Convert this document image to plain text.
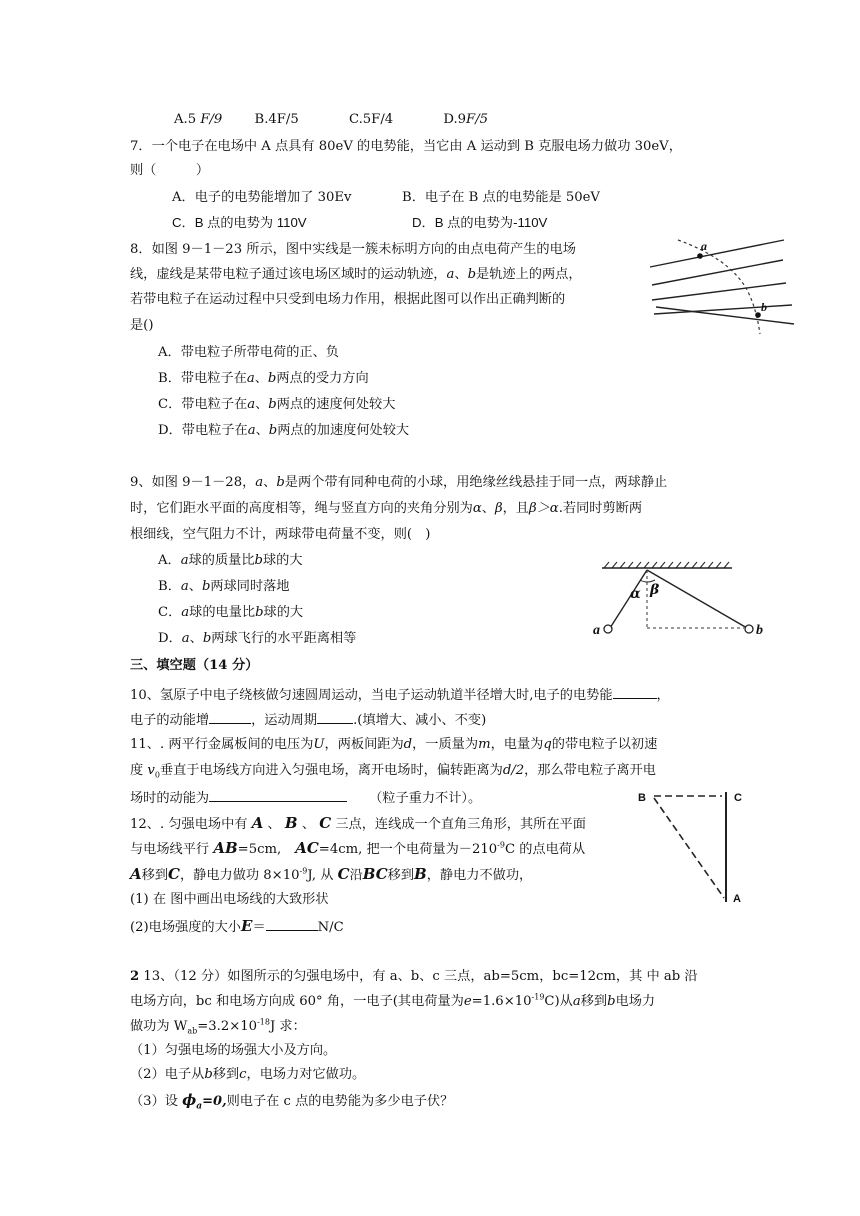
A.5 F/9 B.4F/5	C.5F/4	D.9F/5
7．一个电子在电场中 A 点具有 80eV 的电势能，当它由 A 运动到 B 克服电场力做功 30eV，
则（　　　）
A．电子的电势能增加了 30Ev	B．电子在 B 点的电势能是 50eV
C．B 点的电势为 110V	D．B 点的电势为-110V
8．如图 9－1－23 所示，图中实线是一簇未标明方向的由点电荷产生的电场
线，虚线是某带电粒子通过该电场区域时的运动轨迹，a、b是轨迹上的两点，
若带电粒子在运动过程中只受到电场力作用，根据此图可以作出正确判断的
是()
A．带电粒子所带电荷的正、负
B．带电粒子在a、b两点的受力方向
C．带电粒子在a、b两点的速度何处较大
D．带电粒子在a、b两点的加速度何处较大
a
b
9、如图 9－1－28，a、b是两个带有同种电荷的小球，用绝缘丝线悬挂于同一点，两球静止
时，它们距水平面的高度相等，绳与竖直方向的夹角分别为α、β，且β＞α.若同时剪断两
根细线，空气阻力不计，两球带电荷量不变，则(　)
A．a球的质量比b球的大
B．a、b两球同时落地
C．a球的电量比b球的大
D．a、b两球飞行的水平距离相等
α β
a	b
三、填空题（14 分）
10、氢原子中电子绕核做匀速圆周运动，当电子运动轨道半径增大时,电子的电势能	，
电子的动能增	，运动周期	.(填增大、减小、不变)
11、. 两平行金属板间的电压为U，两板间距为d，一质量为m，电量为q的带电粒子以初速
度 $v_0$垂直于电场线方向进入匀强电场，离开电场时，偏转距离为d/2，那么带电粒子离开电
场时的动能为	（粒子重力不计）。
12、. 匀强电场中有 A 、 B 、 C 三点，连线成一个直角三角形，其所在平面
与电场线平行 AB=5cm, AC=4cm, 把一个电荷量为$-210^{-9}C$ 的点电荷从
A移到C，静电力做功 $8\times 10^{-9}J$, 从 C沿BC移到B，静电力不做功，
(1) 在 图中画出电场线的大致形状
(2)电场强度的大小E＝	N/C
B	C
A
2 13、（12 分）如图所示的匀强电场中，有 a、b、c 三点，ab=5cm，bc=12cm，其 中 ab 沿
电场方向，bc 和电场方向成 60° 角，一电子(其电荷量为$e=1.6\times 10^{-19}C$)从a移到b电场力
做功为 $W_{ab}=3.2\times 10^{-18}J$ 求：
（1）匀强电场的场强大小及方向。
（2）电子从b移到c，电场力对它做功。
（3）设 $\phi_a=0$,则电子在 c 点的电势能为多少电子伏？
